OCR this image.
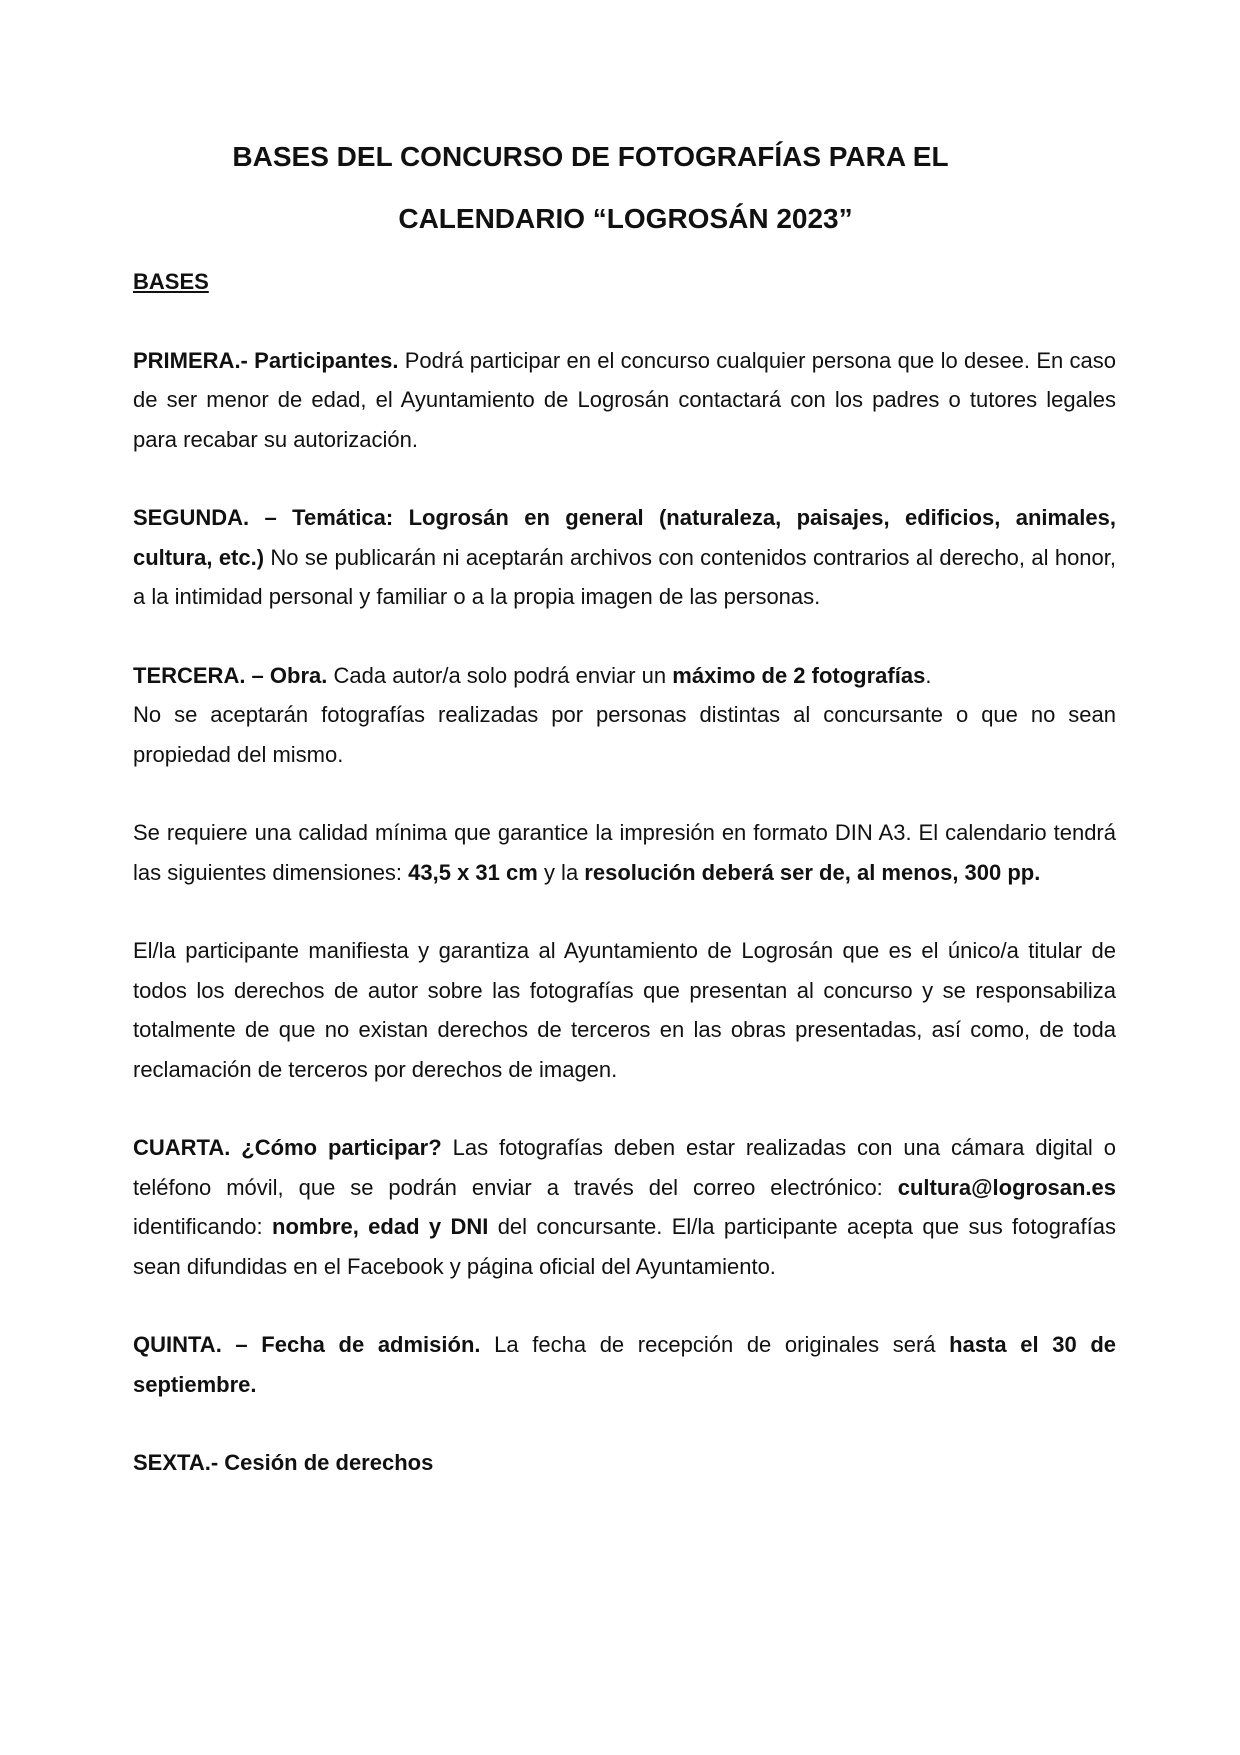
BASES DEL CONCURSO DE FOTOGRAFÍAS PARA EL
CALENDARIO “LOGROSÁN 2023”
BASES

PRIMERA.- Participantes. Podrá participar en el concurso cualquier persona que lo desee. En caso de ser menor de edad, el Ayuntamiento de Logrosán contactará con los padres o tutores legales para recabar su autorización.

SEGUNDA. – Temática: Logrosán en general (naturaleza, paisajes, edificios, animales, cultura, etc.) No se publicarán ni aceptarán archivos con contenidos contrarios al derecho, al honor, a la intimidad personal y familiar o a la propia imagen de las personas.

TERCERA. – Obra. Cada autor/a solo podrá enviar un máximo de 2 fotografías.

No se aceptarán fotografías realizadas por personas distintas al concursante o que no sean propiedad del mismo.

Se requiere una calidad mínima que garantice la impresión en formato DIN A3. El calendario tendrá las siguientes dimensiones: 43,5 x 31 cm y la resolución deberá ser de, al menos, 300 pp.

El/la participante manifiesta y garantiza al Ayuntamiento de Logrosán que es el único/a titular de todos los derechos de autor sobre las fotografías que presentan al concurso y se responsabiliza totalmente de que no existan derechos de terceros en las obras presentadas, así como, de toda reclamación de terceros por derechos de imagen.

CUARTA. ¿Cómo participar? Las fotografías deben estar realizadas con una cámara digital o teléfono móvil, que se podrán enviar a través del correo electrónico: cultura@logrosan.es identificando: nombre, edad y DNI del concursante. El/la participante acepta que sus fotografías sean difundidas en el Facebook y página oficial del Ayuntamiento.

QUINTA. – Fecha de admisión. La fecha de recepción de originales será hasta el 30 de septiembre.

SEXTA.- Cesión de derechos
